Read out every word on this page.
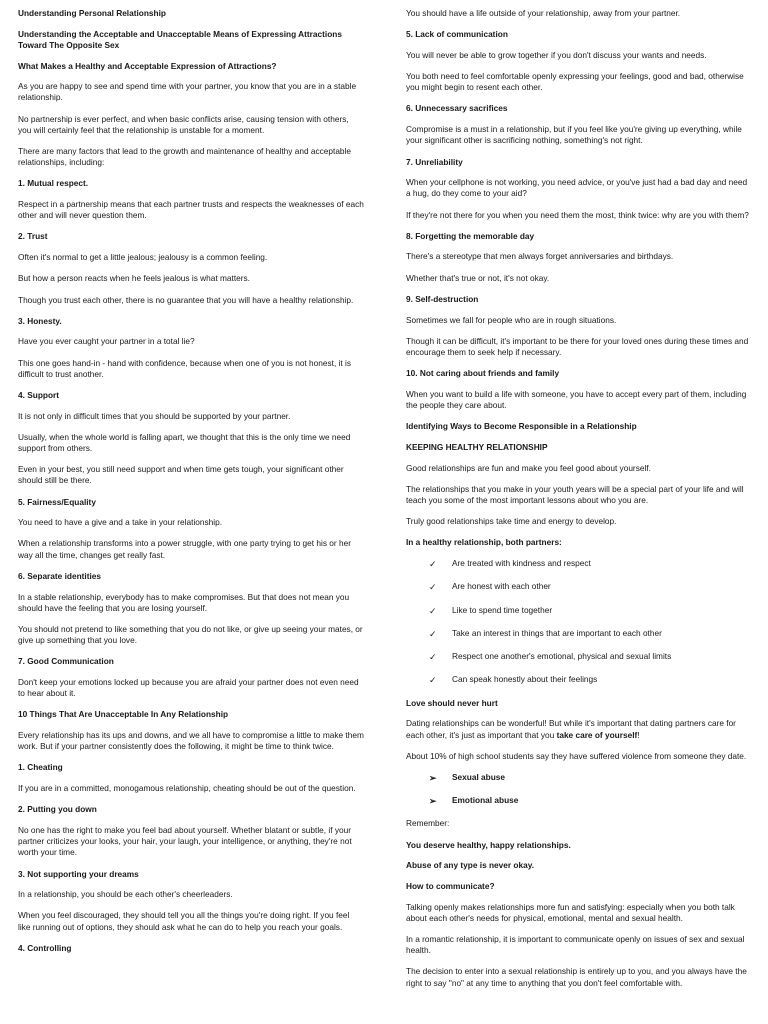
Understanding Personal Relationship

Understanding the Acceptable and Unacceptable Means of Expressing Attractions Toward The Opposite Sex

What Makes a Healthy and Acceptable Expression of Attractions?

As you are happy to see and spend time with your partner, you know that you are in a stable relationship.

No partnership is ever perfect, and when basic conflicts arise, causing tension with others, you will certainly feel that the relationship is unstable for a moment.

There are many factors that lead to the growth and maintenance of healthy and acceptable relationships, including:

1. Mutual respect.

Respect in a partnership means that each partner trusts and respects the weaknesses of each other and will never question them.

2. Trust

Often it's normal to get a little jealous; jealousy is a common feeling.

But how a person reacts when he feels jealous is what matters.

Though you trust each other, there is no guarantee that you will have a healthy relationship.

3. Honesty.

Have you ever caught your partner in a total lie?

This one goes hand-in - hand with confidence, because when one of you is not honest, it is difficult to trust another.

4. Support

It is not only in difficult times that you should be supported by your partner.

Usually, when the whole world is falling apart, we thought that this is the only time we need support from others.

Even in your best, you still need support and when time gets tough, your significant other should still be there.

5. Fairness/Equality

You need to have a give and a take in your relationship.

When a relationship transforms into a power struggle, with one party trying to get his or her way all the time, changes get really fast.

6. Separate identities

In a stable relationship, everybody has to make compromises. But that does not mean you should have the feeling that you are losing yourself.

You should not pretend to like something that you do not like, or give up seeing your mates, or give up something that you love.

7. Good Communication

Don't keep your emotions locked up because you are afraid your partner does not even need to hear about it.

10 Things That Are Unacceptable In Any Relationship

Every relationship has its ups and downs, and we all have to compromise a little to make them work. But if your partner consistently does the following, it might be time to think twice.

1. Cheating

If you are in a committed, monogamous relationship, cheating should be out of the question.

2. Putting you down

No one has the right to make you feel bad about yourself. Whether blatant or subtle, if your partner criticizes your looks, your hair, your laugh, your intelligence, or anything, they're not worth your time.

3. Not supporting your dreams

In a relationship, you should be each other's cheerleaders.

When you feel discouraged, they should tell you all the things you're doing right. If you feel like running out of options, they should ask what he can do to help you reach your goals.

4. Controlling

You should have a life outside of your relationship, away from your partner.

5. Lack of communication

You will never be able to grow together if you don't discuss your wants and needs.

You both need to feel comfortable openly expressing your feelings, good and bad, otherwise you might begin to resent each other.

6. Unnecessary sacrifices

Compromise is a must in a relationship, but if you feel like you're giving up everything, while your significant other is sacrificing nothing, something's not right.

7. Unreliability

When your cellphone is not working, you need advice, or you've just had a bad day and need a hug, do they come to your aid?

If they're not there for you when you need them the most, think twice: why are you with them?

8. Forgetting the memorable day

There's a stereotype that men always forget anniversaries and birthdays.

Whether that's true or not, it's not okay.

9. Self-destruction

Sometimes we fall for people who are in rough situations.

Though it can be difficult, it's important to be there for your loved ones during these times and encourage them to seek help if necessary.

10. Not caring about friends and family

When you want to build a life with someone, you have to accept every part of them, including the people they care about.

Identifying Ways to Become Responsible in a Relationship

KEEPING HEALTHY RELATIONSHIP

Good relationships are fun and make you feel good about yourself.

The relationships that you make in your youth years will be a special part of your life and will teach you some of the most important lessons about who you are.

Truly good relationships take time and energy to develop.

In a healthy relationship, both partners:

✓ Are treated with kindness and respect
✓ Are honest with each other
✓ Like to spend time together
✓ Take an interest in things that are important to each other
✓ Respect one another's emotional, physical and sexual limits
✓ Can speak honestly about their feelings

Love should never hurt

Dating relationships can be wonderful! But while it's important that dating partners care for each other, it's just as important that you take care of yourself!

About 10% of high school students say they have suffered violence from someone they date.

➢ Sexual abuse
➢ Emotional abuse

Remember:

You deserve healthy, happy relationships.

Abuse of any type is never okay.

How to communicate?

Talking openly makes relationships more fun and satisfying: especially when you both talk about each other's needs for physical, emotional, mental and sexual health.

In a romantic relationship, it is important to communicate openly on issues of sex and sexual health.

The decision to enter into a sexual relationship is entirely up to you, and you always have the right to say "no" at any time to anything that you don't feel comfortable with.
